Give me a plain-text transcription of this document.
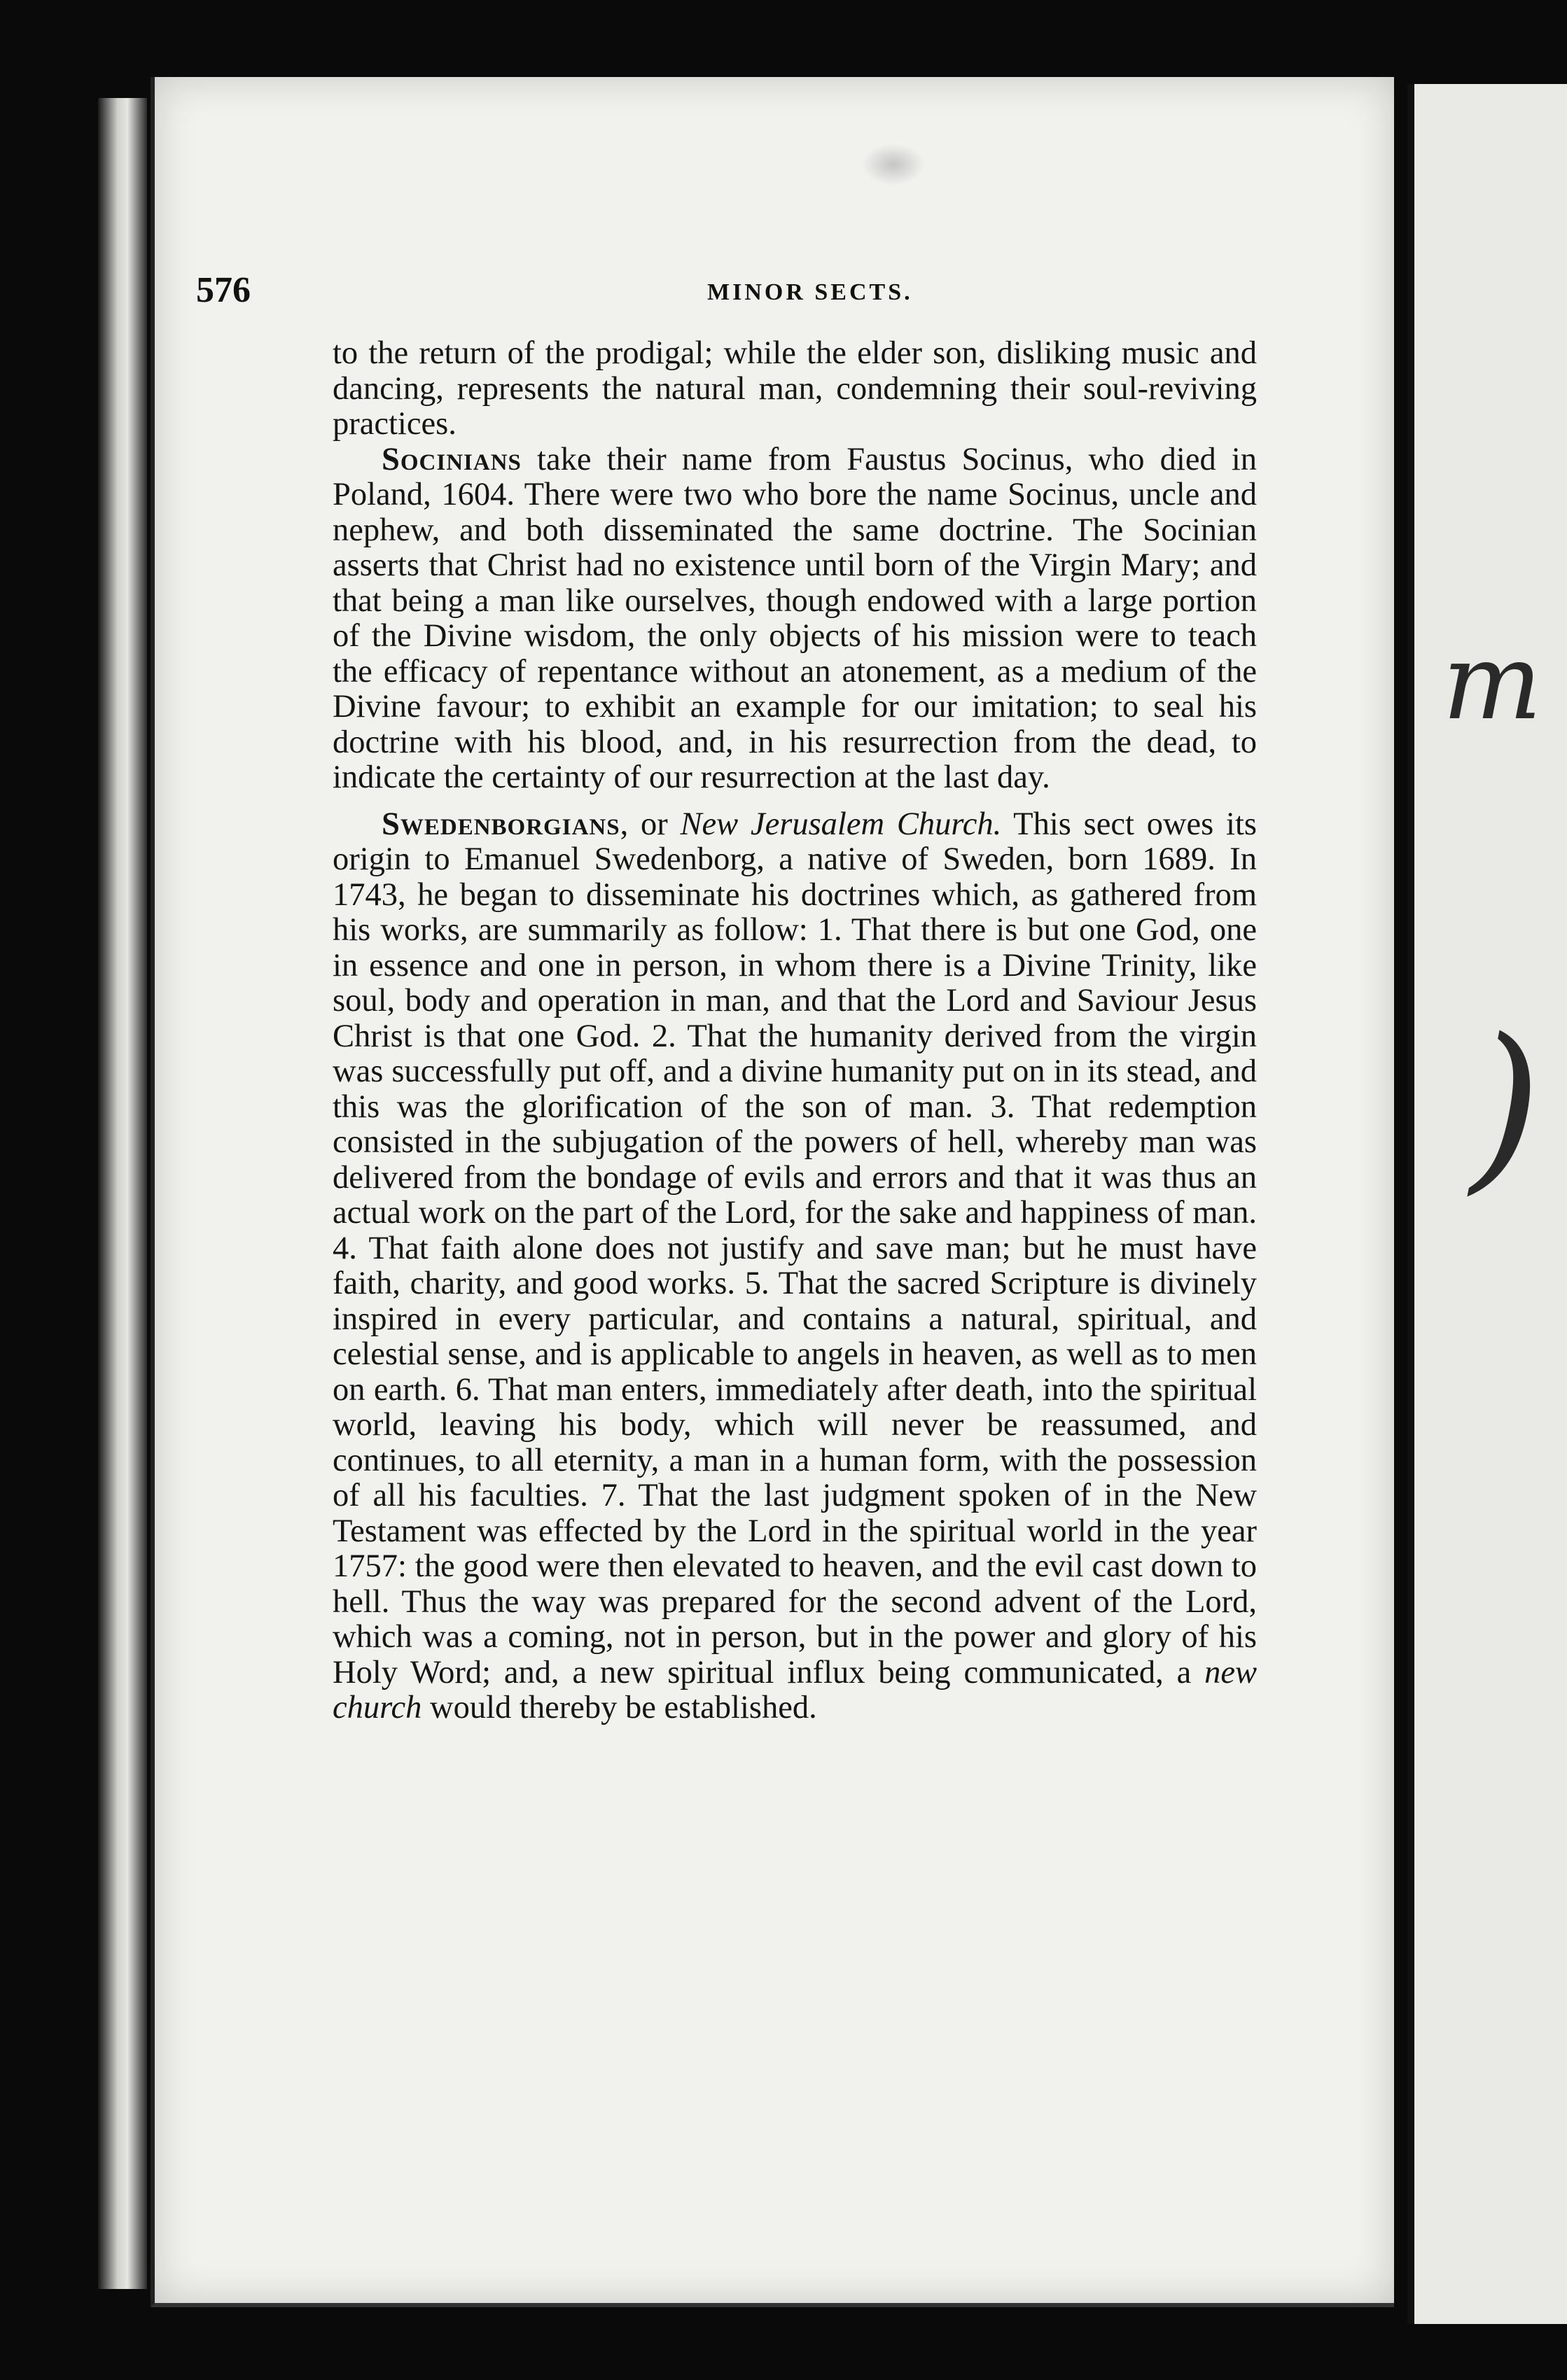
m
)
576	MINOR SECTS.

to the return of the prodigal; while the elder son, disliking music and dancing, represents the natural man, condemning their soul-reviving practices.

Socinians take their name from Faustus Socinus, who died in Poland, 1604. There were two who bore the name Socinus, uncle and nephew, and both disseminated the same doctrine. The Socinian asserts that Christ had no existence until born of the Virgin Mary; and that being a man like ourselves, though endowed with a large portion of the Divine wisdom, the only objects of his mission were to teach the efficacy of repentance without an atonement, as a medium of the Divine favour; to exhibit an example for our imitation; to seal his doctrine with his blood, and, in his resurrection from the dead, to indicate the certainty of our resurrection at the last day.

Swedenborgians, or New Jerusalem Church. This sect owes its origin to Emanuel Swedenborg, a native of Sweden, born 1689. In 1743, he began to disseminate his doctrines which, as gathered from his works, are summarily as follow: 1. That there is but one God, one in essence and one in person, in whom there is a Divine Trinity, like soul, body and operation in man, and that the Lord and Saviour Jesus Christ is that one God. 2. That the humanity derived from the virgin was successfully put off, and a divine humanity put on in its stead, and this was the glorification of the son of man. 3. That redemption consisted in the subjugation of the powers of hell, whereby man was delivered from the bondage of evils and errors and that it was thus an actual work on the part of the Lord, for the sake and happiness of man. 4. That faith alone does not justify and save man; but he must have faith, charity, and good works. 5. That the sacred Scripture is divinely inspired in every particular, and contains a natural, spiritual, and celestial sense, and is applicable to angels in heaven, as well as to men on earth. 6. That man enters, immediately after death, into the spiritual world, leaving his body, which will never be reassumed, and continues, to all eternity, a man in a human form, with the possession of all his faculties. 7. That the last judgment spoken of in the New Testament was effected by the Lord in the spiritual world in the year 1757: the good were then elevated to heaven, and the evil cast down to hell. Thus the way was prepared for the second advent of the Lord, which was a coming, not in person, but in the power and glory of his Holy Word; and, a new spiritual influx being communicated, a new church would thereby be established.
